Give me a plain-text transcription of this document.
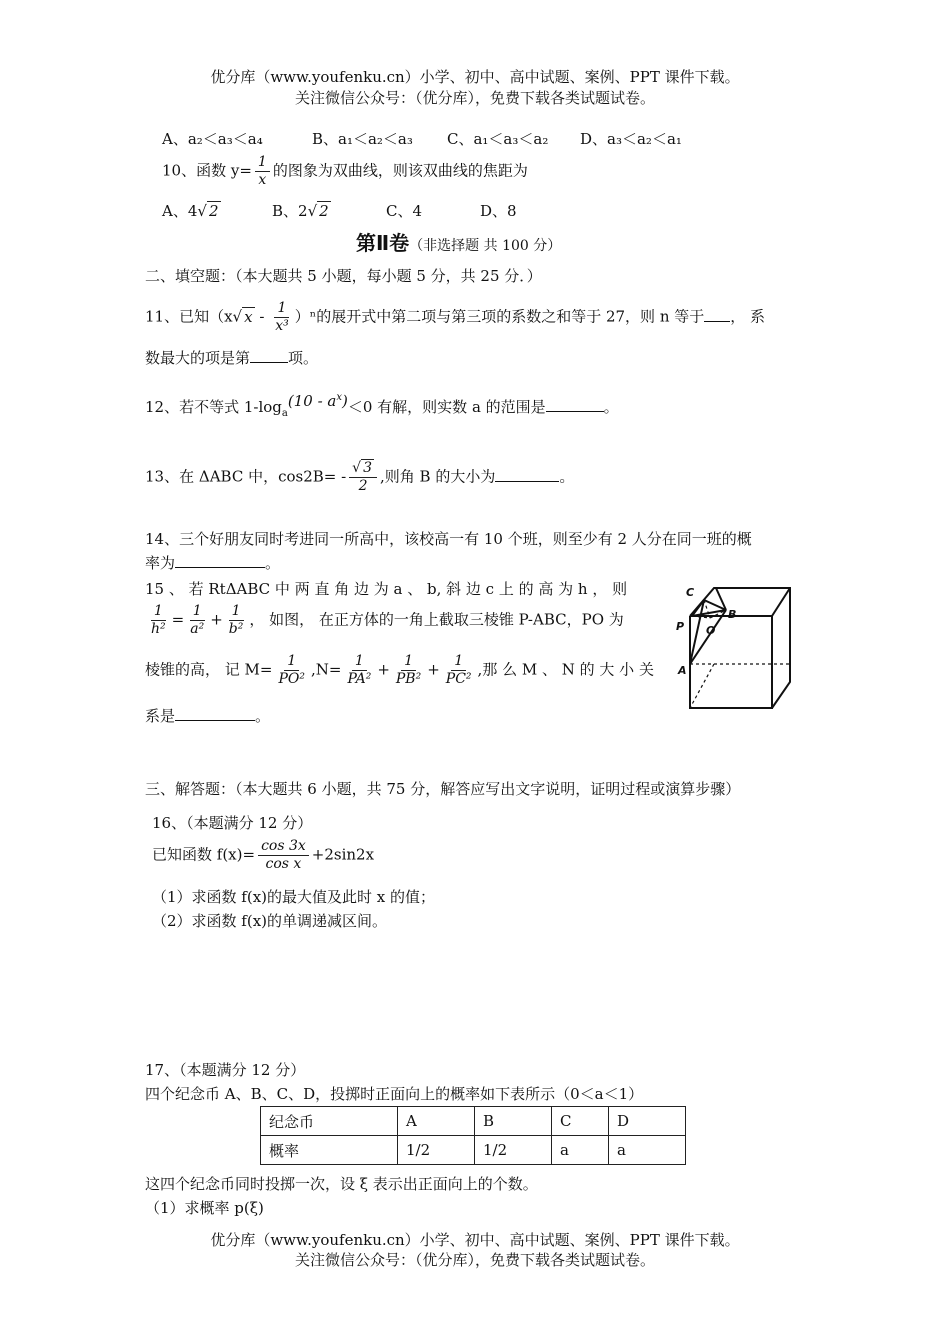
优分库（www.youfenku.cn）小学、初中、高中试题、案例、PPT 课件下载。
关注微信公众号：（优分库），免费下载各类试题试卷。
A、a₂＜a₃＜a₄	B、a₁＜a₂＜a₃ C、a₁＜a₃＜a₂ D、a₃＜a₂＜a₁
10、函数 $y= \frac{1}{x}$ 的图象为双曲线，则该双曲线的焦距为
A、4√ 2	B、2√ 2	C、4	D、8
第Ⅱ卷（非选择题 共 100 分）
二、填空题：（本大题共 5 小题，每小题 5 分，共 25 分．）
11、已知（x√ x - $\frac{1}{\text{x³}} )^n$的展开式中第二项与第三项的系数之和等于 27，则 n 等于 ， 系
数最大的项是第	项。
12、若不等式 $1-\log_a(10 - a^x)<0$ 有解，则实数 a 的范围是	。
13、在 ΔABC 中，$\cos 2B= - \frac{√ 3}{2}$ ,则角 B 的大小为	。
14、三个好朋友同时考进同一所高中，该校高一有 10 个班，则至少有 2 人分在同一班的概
率为	。
15 、 若 RtΔABC 中 两 直 角 边 为 a 、 b, 斜 边 c 上 的 高 为 h ， 则
$\frac{1}{\text{h²}} = \frac{1}{\text{a²}} + \frac{1}{\text{b²}}$ ， 如图， 在正方体的一角上截取三棱锥 P-ABC，PO 为
棱锥的高， 记 $M= \frac{1}{\text{PO²}} ,N= \frac{1}{\text{PA²}} + \frac{1}{\text{PB²}} + \frac{1}{\text{PC²}}$ ,那 么 M 、 N 的 大 小 关
系是	。
C
P O
B
A
三、解答题：（本大题共 6 小题，共 75 分，解答应写出文字说明，证明过程或演算步骤）
16、（本题满分 12 分）
已知函数 $f(x)= \frac{\cos 3x}{\text{cos x}} +2\sin 2x$
（1）求函数 f(x)的最大值及此时 x 的值；
（2）求函数 f(x)的单调递减区间。
17、（本题满分 12 分）
四个纪念币 A、B、C、D，投掷时正面向上的概率如下表所示（0＜a＜1）
纪念币	A	B	C	D
概率	1/2	1/2	a	a
这四个纪念币同时投掷一次，设 ξ 表示出正面向上的个数。
（1）求概率 p(ξ)
优分库（www.youfenku.cn）小学、初中、高中试题、案例、PPT 课件下载。
关注微信公众号：（优分库），免费下载各类试题试卷。
